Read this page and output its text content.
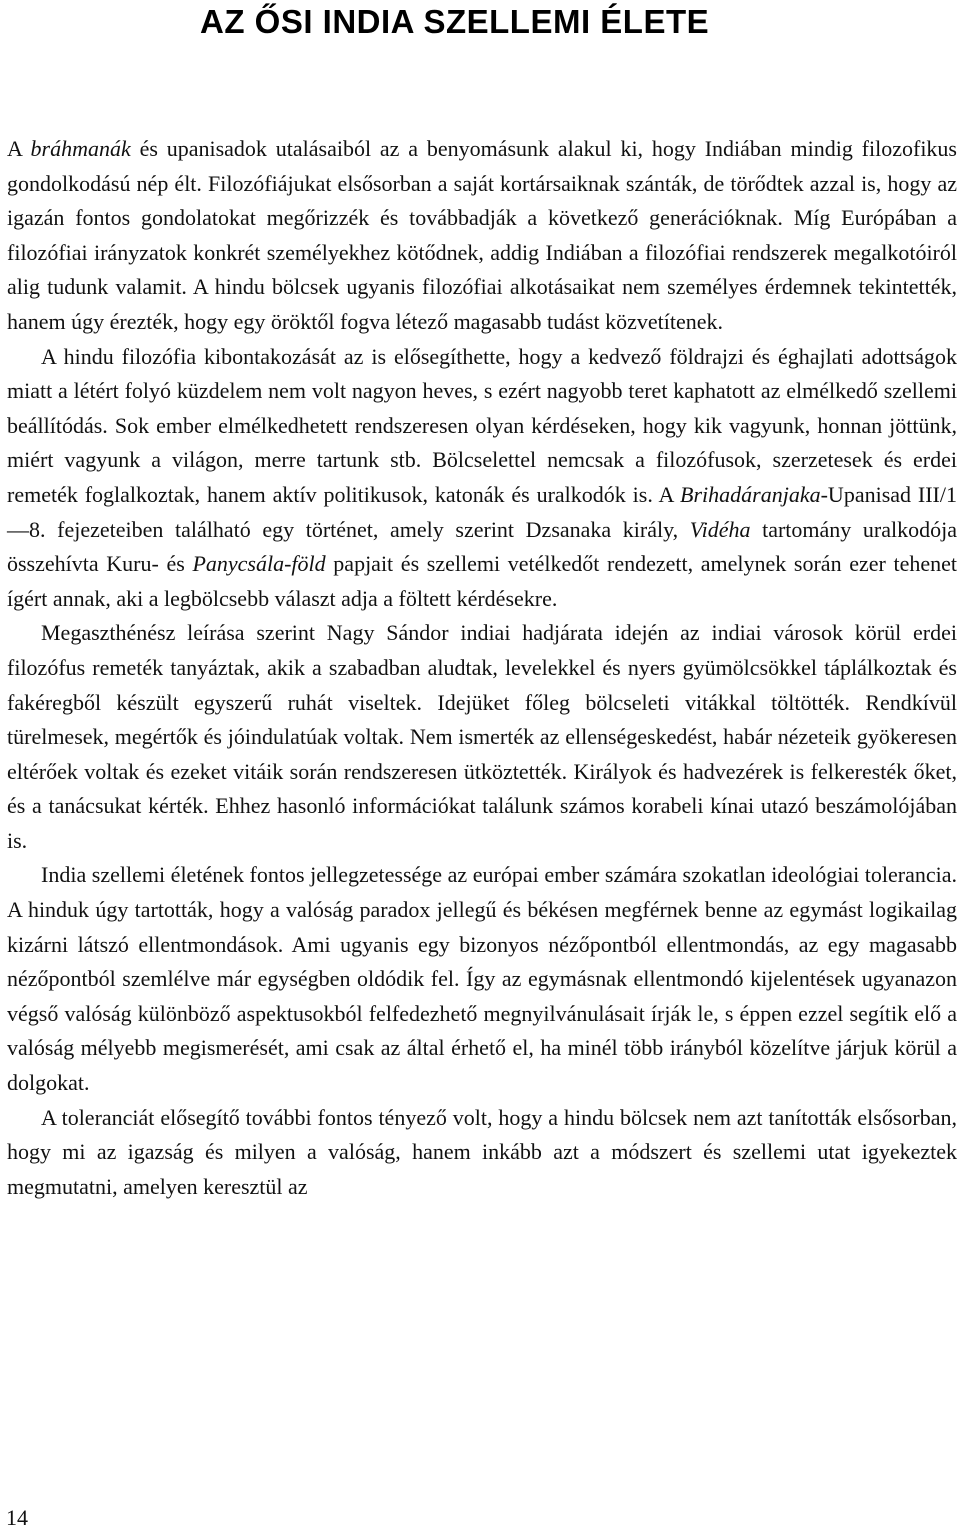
AZ ŐSI INDIA SZELLEMI ÉLETE

A bráhmanák és upanisadok utalásaiból az a benyomásunk alakul ki, hogy Indiában mindig filozofikus gondolkodású nép élt. Filozófiájukat elsősorban a saját kortársaiknak szánták, de törődtek azzal is, hogy az igazán fontos gondolatokat megőrizzék és továbbadják a következő generációknak. Míg Európában a filozófiai irányzatok konkrét személyekhez kötődnek, addig Indiában a filozófiai rendszerek megalkotóiról alig tudunk valamit. A hindu bölcsek ugyanis filozófiai alkotásaikat nem személyes érdemnek tekintették, hanem úgy érezték, hogy egy öröktől fogva létező magasabb tudást közvetítenek.

A hindu filozófia kibontakozását az is elősegíthette, hogy a kedvező földrajzi és éghajlati adottságok miatt a létért folyó küzdelem nem volt nagyon heves, s ezért nagyobb teret kaphatott az elmélkedő szellemi beállítódás. Sok ember elmélkedhetett rendszeresen olyan kérdéseken, hogy kik vagyunk, honnan jöttünk, miért vagyunk a világon, merre tartunk stb. Bölcselettel nemcsak a filozófusok, szerzetesek és erdei remeték foglalkoztak, hanem aktív politikusok, katonák és uralkodók is. A Brihadáranjaka-Upanisad III/1—8. fejezeteiben található egy történet, amely szerint Dzsanaka király, Vidéha tartomány uralkodója összehívta Kuru- és Panycsála-föld papjait és szellemi vetélkedőt rendezett, amelynek során ezer tehenet ígért annak, aki a legbölcsebb választ adja a föltett kérdésekre.

Megaszthénész leírása szerint Nagy Sándor indiai hadjárata idején az indiai városok körül erdei filozófus remeték tanyáztak, akik a szabadban aludtak, levelekkel és nyers gyümölcsökkel táplálkoztak és fakéregből készült egyszerű ruhát viseltek. Idejüket főleg bölcseleti vitákkal töltötték. Rendkívül türelmesek, megértők és jóindulatúak voltak. Nem ismerték az ellenségeskedést, habár nézeteik gyökeresen eltérőek voltak és ezeket vitáik során rendszeresen ütköztették. Királyok és hadvezérek is felkeresték őket, és a tanácsukat kérték. Ehhez hasonló információkat találunk számos korabeli kínai utazó beszámolójában is.

India szellemi életének fontos jellegzetessége az európai ember számára szokatlan ideológiai tolerancia. A hinduk úgy tartották, hogy a valóság paradox jellegű és békésen megférnek benne az egymást logikailag kizárni látszó ellentmondások. Ami ugyanis egy bizonyos nézőpontból ellentmondás, az egy magasabb nézőpontból szemlélve már egységben oldódik fel. Így az egymásnak ellentmondó kijelentések ugyanazon végső valóság különböző aspektusokból felfedezhető megnyilvánulásait írják le, s éppen ezzel segítik elő a valóság mélyebb megismerését, ami csak az által érhető el, ha minél több irányból közelítve járjuk körül a dolgokat.

A toleranciát elősegítő további fontos tényező volt, hogy a hindu bölcsek nem azt tanították elsősorban, hogy mi az igazság és milyen a valóság, hanem inkább azt a módszert és szellemi utat igyekeztek megmutatni, amelyen keresztül az

14
